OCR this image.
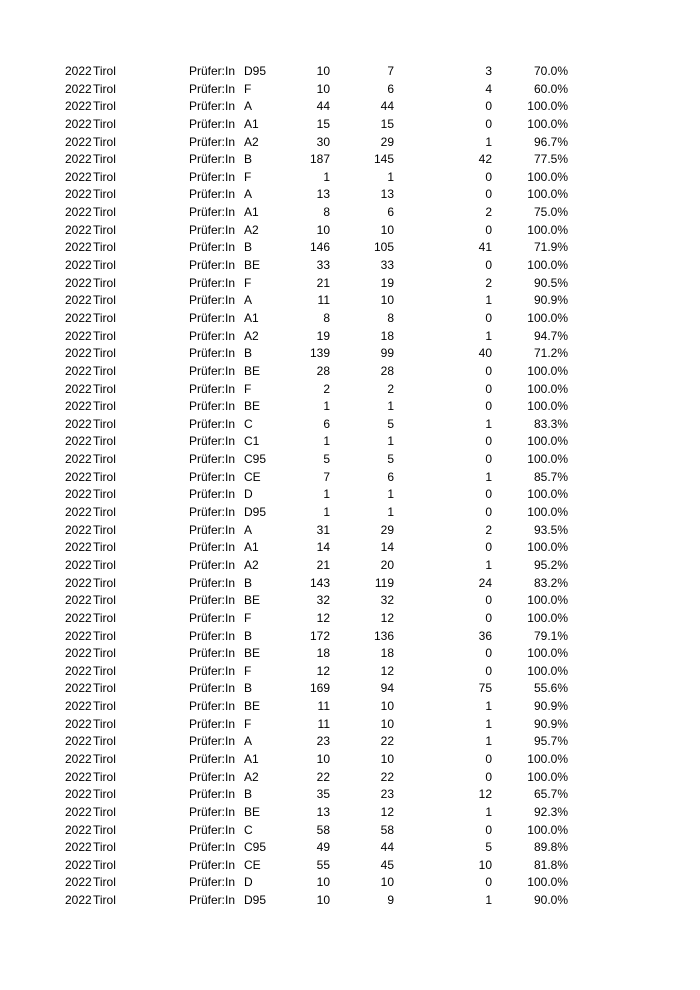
2022 Tirol	Prüfer:In D95	10	7	3	70.0%
2022 Tirol	Prüfer:In F	10	6	4	60.0%
2022 Tirol	Prüfer:In A	44	44	0	100.0%
2022 Tirol	Prüfer:In A1	15	15	0	100.0%
2022 Tirol	Prüfer:In A2	30	29	1	96.7%
2022 Tirol	Prüfer:In B	187	145	42	77.5%
2022 Tirol	Prüfer:In F	1	1	0	100.0%
2022 Tirol	Prüfer:In A	13	13	0	100.0%
2022 Tirol	Prüfer:In A1	8	6	2	75.0%
2022 Tirol	Prüfer:In A2	10	10	0	100.0%
2022 Tirol	Prüfer:In B	146	105	41	71.9%
2022 Tirol	Prüfer:In BE	33	33	0	100.0%
2022 Tirol	Prüfer:In F	21	19	2	90.5%
2022 Tirol	Prüfer:In A	11	10	1	90.9%
2022 Tirol	Prüfer:In A1	8	8	0	100.0%
2022 Tirol	Prüfer:In A2	19	18	1	94.7%
2022 Tirol	Prüfer:In B	139	99	40	71.2%
2022 Tirol	Prüfer:In BE	28	28	0	100.0%
2022 Tirol	Prüfer:In F	2	2	0	100.0%
2022 Tirol	Prüfer:In BE	1	1	0	100.0%
2022 Tirol	Prüfer:In C	6	5	1	83.3%
2022 Tirol	Prüfer:In C1	1	1	0	100.0%
2022 Tirol	Prüfer:In C95	5	5	0	100.0%
2022 Tirol	Prüfer:In CE	7	6	1	85.7%
2022 Tirol	Prüfer:In D	1	1	0	100.0%
2022 Tirol	Prüfer:In D95	1	1	0	100.0%
2022 Tirol	Prüfer:In A	31	29	2	93.5%
2022 Tirol	Prüfer:In A1	14	14	0	100.0%
2022 Tirol	Prüfer:In A2	21	20	1	95.2%
2022 Tirol	Prüfer:In B	143	119	24	83.2%
2022 Tirol	Prüfer:In BE	32	32	0	100.0%
2022 Tirol	Prüfer:In F	12	12	0	100.0%
2022 Tirol	Prüfer:In B	172	136	36	79.1%
2022 Tirol	Prüfer:In BE	18	18	0	100.0%
2022 Tirol	Prüfer:In F	12	12	0	100.0%
2022 Tirol	Prüfer:In B	169	94	75	55.6%
2022 Tirol	Prüfer:In BE	11	10	1	90.9%
2022 Tirol	Prüfer:In F	11	10	1	90.9%
2022 Tirol	Prüfer:In A	23	22	1	95.7%
2022 Tirol	Prüfer:In A1	10	10	0	100.0%
2022 Tirol	Prüfer:In A2	22	22	0	100.0%
2022 Tirol	Prüfer:In B	35	23	12	65.7%
2022 Tirol	Prüfer:In BE	13	12	1	92.3%
2022 Tirol	Prüfer:In C	58	58	0	100.0%
2022 Tirol	Prüfer:In C95	49	44	5	89.8%
2022 Tirol	Prüfer:In CE	55	45	10	81.8%
2022 Tirol	Prüfer:In D	10	10	0	100.0%
2022 Tirol	Prüfer:In D95	10	9	1	90.0%
